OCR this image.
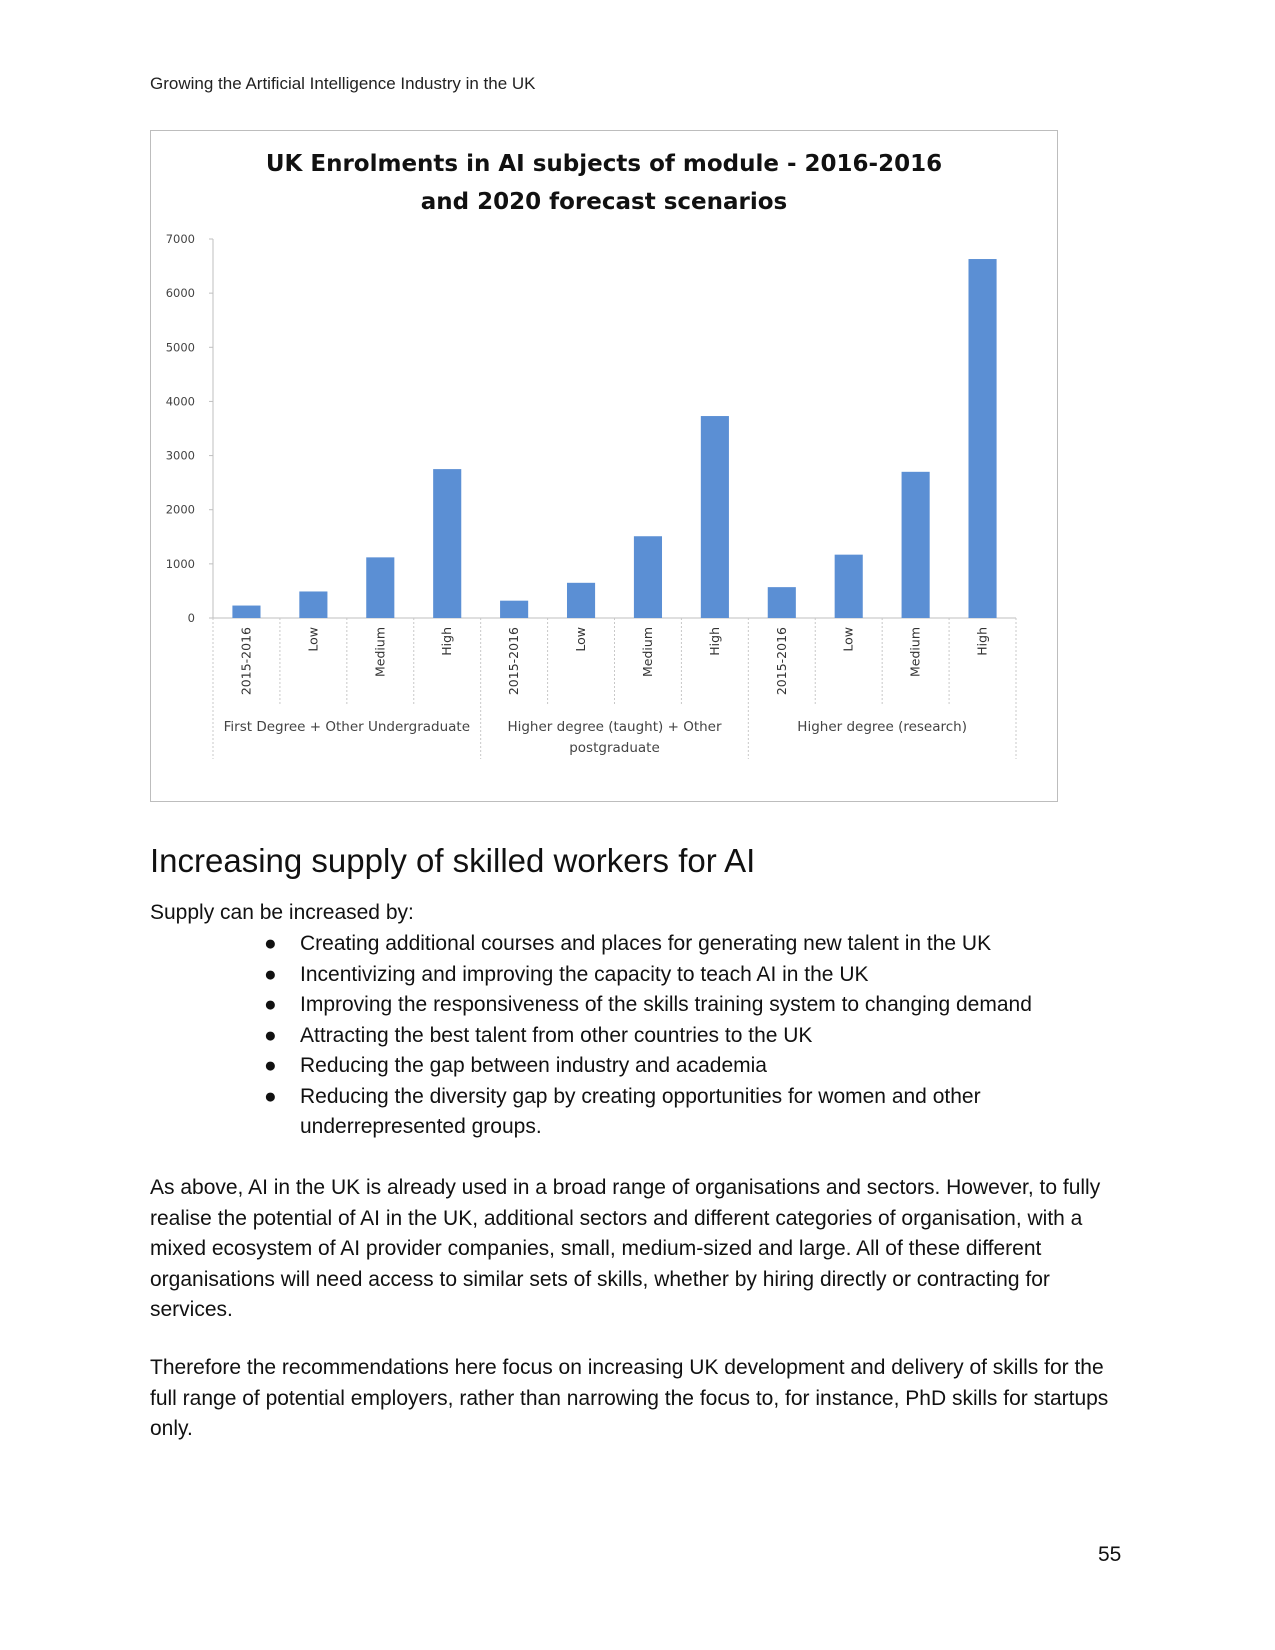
Growing the Artificial Intelligence Industry in the UK
UK Enrolments in AI subjects of module - 2016-2016
and 2020 forecast scenarios
0
1000
2000
3000
4000
5000
6000
7000
2015-2016	Low	Medium	High	2015-2016	Low	Medium	High	2015-2016	Low	Medium	High
First Degree + Other Undergraduate	Higher degree (taught) + Other
postgraduate
Higher degree (research)
Increasing supply of skilled workers for AI
Supply can be increased by:
● Creating additional courses and places for generating new talent in the UK
● Incentivizing and improving the capacity to teach AI in the UK
● Improving the responsiveness of the skills training system to changing demand
● Attracting the best talent from other countries to the UK
● Reducing the gap between industry and academia
● Reducing the diversity gap by creating opportunities for women and other underrepresented groups.

As above, AI in the UK is already used in a broad range of organisations and sectors. However, to fully realise the potential of AI in the UK, additional sectors and different categories of organisation, with a mixed ecosystem of AI provider companies, small, medium-sized and large. All of these different organisations will need access to similar sets of skills, whether by hiring directly or contracting for services.

Therefore the recommendations here focus on increasing UK development and delivery of skills for the full range of potential employers, rather than narrowing the focus to, for instance, PhD skills for startups only.

55
